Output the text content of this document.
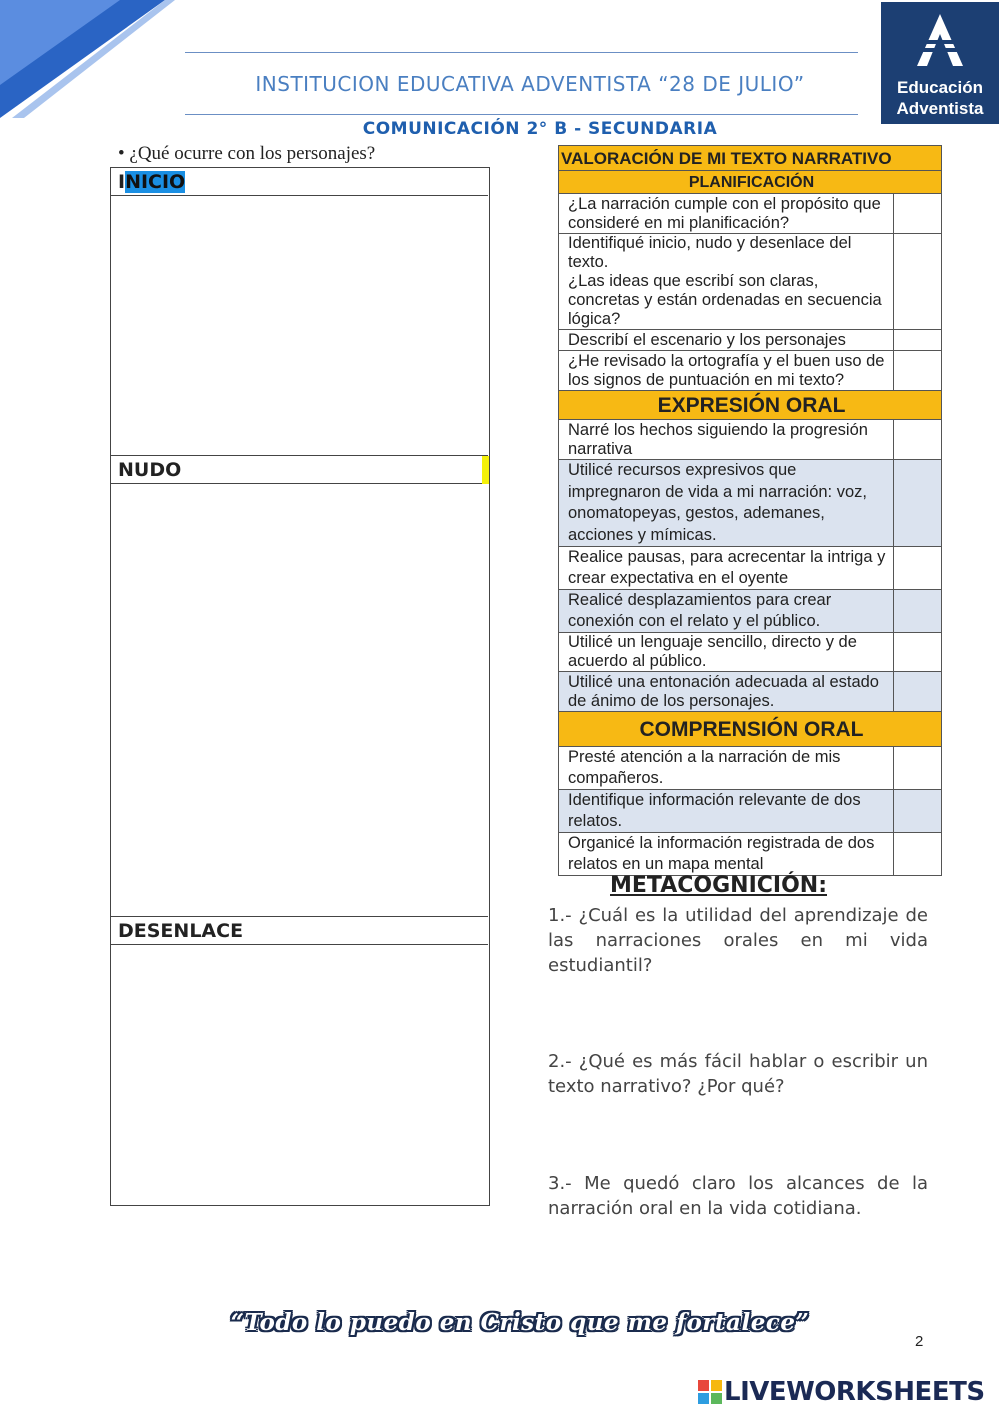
INSTITUCION EDUCATIVA ADVENTISTA “28 DE JULIO”	Educación
Adventista
COMUNICACIÓN 2° B - SECUNDARIA
• ¿Qué ocurre con los personajes?
INICIO
NUDO
DESENLACE
VALORACIÓN DE MI TEXTO NARRATIVO	
PLANIFICACIÓN	
¿La narración cumple con el propósito que consideré en mi planificación?	

Identifiqué inicio, nudo y desenlace del texto.
¿Las ideas que escribí son claras, concretas y están ordenadas en secuencia lógica?	

Describí el escenario y los personajes	
¿He revisado la ortografía y el buen uso de los signos de puntuación en mi texto?	
EXPRESIÓN ORAL	
Narré los hechos siguiendo la progresión narrativa	
Utilicé recursos expresivos que impregnaron de vida a mi narración: voz, onomatopeyas, gestos, ademanes, acciones y mímicas.	
Realice pausas, para acrecentar la intriga y crear expectativa en el oyente	
Realicé desplazamientos para crear conexión con el relato y el público.	
Utilicé un lenguaje sencillo, directo y de acuerdo al público.	
Utilicé una entonación adecuada al estado de ánimo de los personajes.	
COMPRENSIÓN ORAL	
Presté atención a la narración de mis compañeros.	
Identifique información relevante de dos relatos.	
Organicé la información registrada de dos relatos en un mapa mental	
METACOGNICIÓN:
1.- ¿Cuál es la utilidad del aprendizaje de las narraciones orales en mi vida estudiantil?
2.- ¿Qué es más fácil hablar o escribir un texto narrativo? ¿Por qué?
3.- Me quedó claro los alcances de la narración oral en la vida cotidiana.
“Todo lo puedo en Cristo que me fortalece”
2
LIVEWORKSHEETS
